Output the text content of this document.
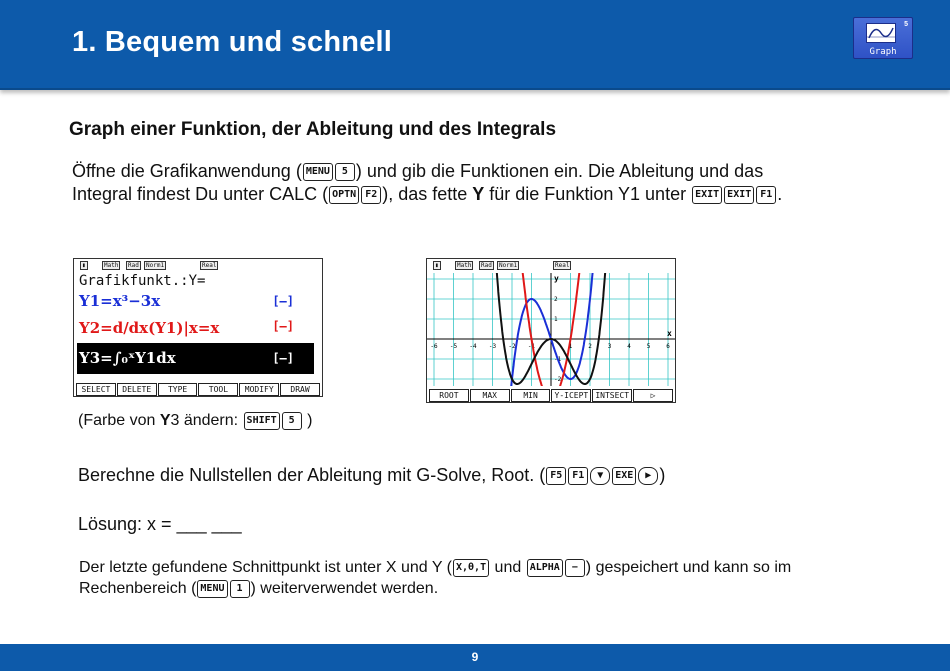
1. Bequem und schnell
5
Graph
Graph einer Funktion, der Ableitung und des Integrals
Öffne die Grafikanwendung ( MENU 5 ) und gib die Funktionen ein. Die Ableitung und das
Integral findest Du unter CALC ( OPTN F2 ), das fette Y für die Funktion Y1 unter EXIT EXIT F1 .
▮	Math	Rad	Norm1	Real
Grafikfunkt.:Y=
Y1=x³−3x	[—]
Y2=d/dx(Y1)|x=x	[—]
Y3=∫₀ˣY1dx	[—]
SELECT	DELETE	TYPE	TOOL	MODIFY	DRAW
▮	Math	Rad	Norm1	Real
-6 -5 -4 -3 -2 -1	1	2	3	4	5	6
2
1
-1
-2
x
y
ROOT	MAX	MIN	Y-ICEPT INTSECT	▷
(Farbe von Y3 ändern: SHIFT 5 )
Berechne die Nullstellen der Ableitung mit G-Solve, Root. ( F5 F1 ▼ EXE ▶ )
Lösung: x = ___ ___
Der letzte gefundene Schnittpunkt ist unter X und Y ( X,θ,T und ALPHA − ) gespeichert und kann so im
Rechenbereich ( MENU 1 ) weiterverwendet werden.
9
